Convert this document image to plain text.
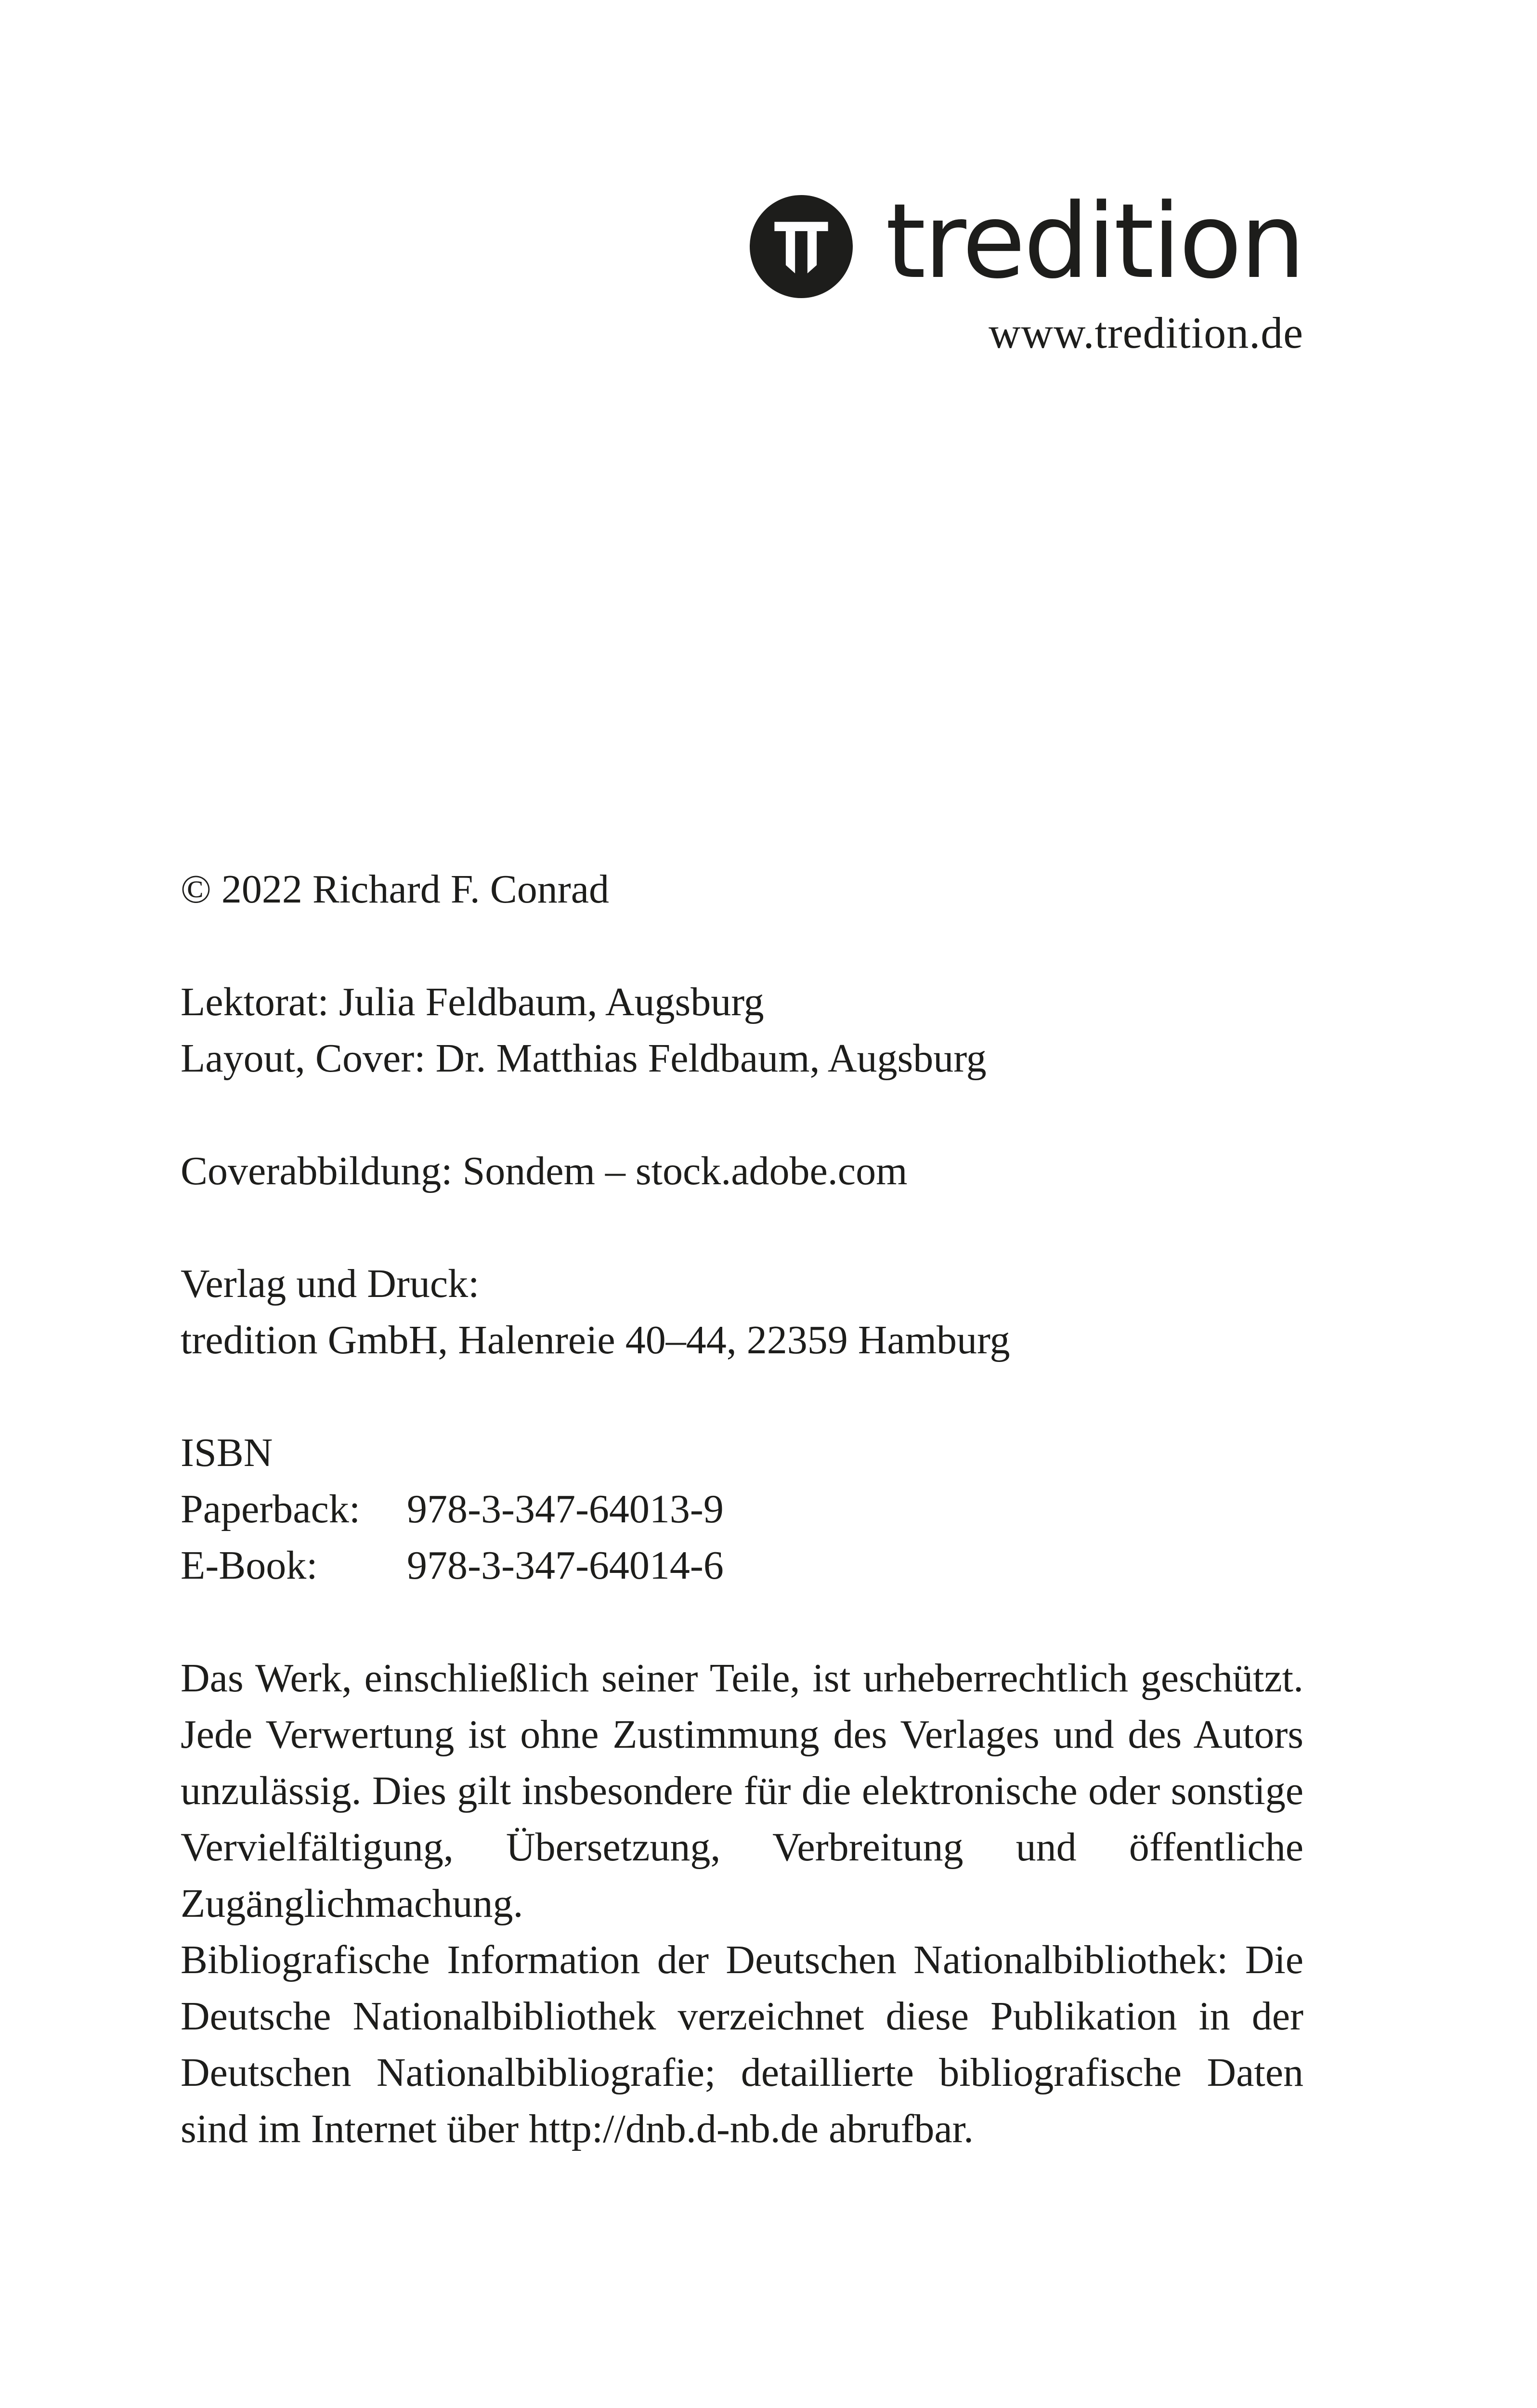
tredition
www.tredition.de
© 2022 Richard F. Conrad
Lektorat: Julia Feldbaum, Augsburg
Layout, Cover: Dr. Matthias Feldbaum, Augsburg
Coverabbildung: Sondem – stock.adobe.com
Verlag und Druck:
tredition GmbH, Halenreie 40–44, 22359 Hamburg
ISBN
Paperback:	978-3-347-64013-9
E-Book:	978-3-347-64014-6
Das Werk, einschließlich seiner Teile, ist urheberrechtlich geschützt. Jede Verwertung ist ohne Zustimmung des Verlages und des Autors unzulässig. Dies gilt insbesondere für die elektronische oder sonstige Vervielfältigung, Übersetzung, Verbreitung und öffentliche Zugänglichmachung.
Bibliografische Information der Deutschen Nationalbibliothek: Die Deutsche Nationalbibliothek verzeichnet diese Publikation in der Deutschen Nationalbibliografie; detaillierte bibliografische Daten sind im Internet über http://dnb.d-nb.de abrufbar.
